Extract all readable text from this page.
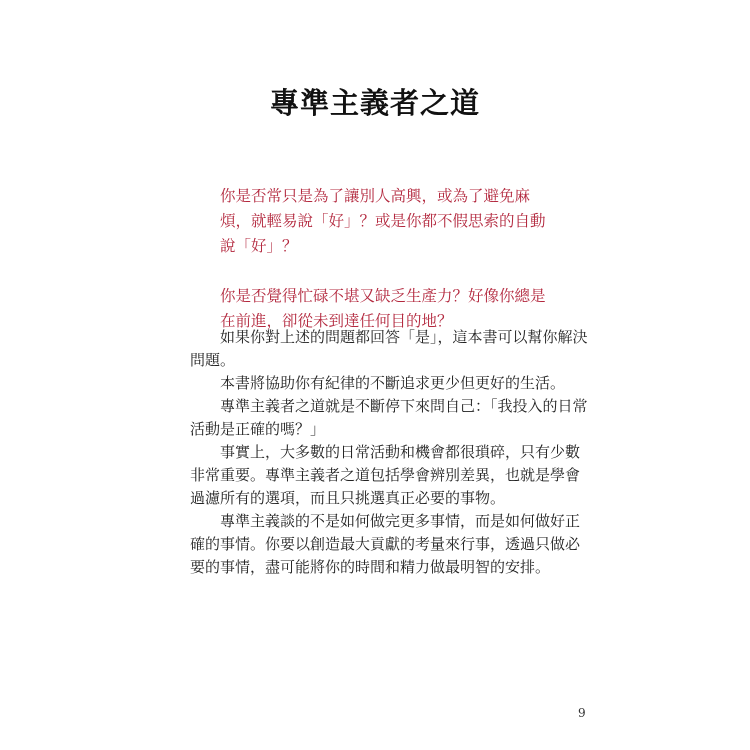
專準主義者之道

你是否常只是為了讓別人高興，或為了避免麻煩，就輕易說「好」？或是你都不假思索的自動說「好」？

你是否覺得忙碌不堪又缺乏生產力？好像你總是在前進，卻從未到達任何目的地？

如果你對上述的問題都回答「是」，這本書可以幫你解決問題。

本書將協助你有紀律的不斷追求更少但更好的生活。

專準主義者之道就是不斷停下來問自己：「我投入的日常活動是正確的嗎？」

事實上，大多數的日常活動和機會都很瑣碎，只有少數非常重要。專準主義者之道包括學會辨別差異，也就是學會過濾所有的選項，而且只挑選真正必要的事物。

專準主義談的不是如何做完更多事情，而是如何做好正確的事情。你要以創造最大貢獻的考量來行事，透過只做必要的事情，盡可能將你的時間和精力做最明智的安排。

9
